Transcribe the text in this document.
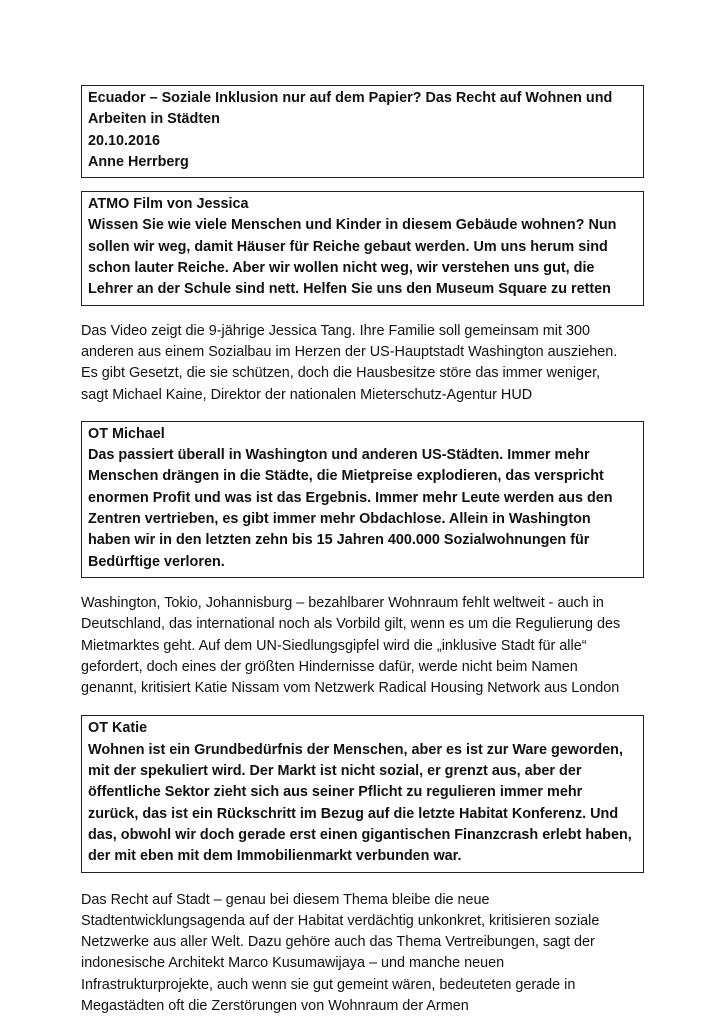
Ecuador – Soziale Inklusion nur auf dem Papier? Das Recht auf Wohnen und
Arbeiten in Städten
20.10.2016
Anne Herrberg
ATMO Film von Jessica
Wissen Sie wie viele Menschen und Kinder in diesem Gebäude wohnen? Nun
sollen wir weg, damit Häuser für Reiche gebaut werden. Um uns herum sind
schon lauter Reiche. Aber wir wollen nicht weg, wir verstehen uns gut, die
Lehrer an der Schule sind nett. Helfen Sie uns den Museum Square zu retten
Das Video zeigt die 9-jährige Jessica Tang. Ihre Familie soll gemeinsam mit 300
anderen aus einem Sozialbau im Herzen der US-Hauptstadt Washington ausziehen.
Es gibt Gesetzt, die sie schützen, doch die Hausbesitze störe das immer weniger,
sagt Michael Kaine, Direktor der nationalen Mieterschutz-Agentur HUD
OT Michael
Das passiert überall in Washington und anderen US-Städten. Immer mehr
Menschen drängen in die Städte, die Mietpreise explodieren, das verspricht
enormen Profit und was ist das Ergebnis. Immer mehr Leute werden aus den
Zentren vertrieben, es gibt immer mehr Obdachlose. Allein in Washington
haben wir in den letzten zehn bis 15 Jahren 400.000 Sozialwohnungen für
Bedürftige verloren.
Washington, Tokio, Johannisburg – bezahlbarer Wohnraum fehlt weltweit - auch in
Deutschland, das international noch als Vorbild gilt, wenn es um die Regulierung des
Mietmarktes geht. Auf dem UN-Siedlungsgipfel wird die „inklusive Stadt für alle“
gefordert, doch eines der größten Hindernisse dafür, werde nicht beim Namen
genannt, kritisiert Katie Nissam vom Netzwerk Radical Housing Network aus London
OT Katie
Wohnen ist ein Grundbedürfnis der Menschen, aber es ist zur Ware geworden,
mit der spekuliert wird. Der Markt ist nicht sozial, er grenzt aus, aber der
öffentliche Sektor zieht sich aus seiner Pflicht zu regulieren immer mehr
zurück, das ist ein Rückschritt im Bezug auf die letzte Habitat Konferenz. Und
das, obwohl wir doch gerade erst einen gigantischen Finanzcrash erlebt haben,
der mit eben mit dem Immobilienmarkt verbunden war.
Das Recht auf Stadt – genau bei diesem Thema bleibe die neue
Stadtentwicklungsagenda auf der Habitat verdächtig unkonkret, kritisieren soziale
Netzwerke aus aller Welt. Dazu gehöre auch das Thema Vertreibungen, sagt der
indonesische Architekt Marco Kusumawijaya – und manche neuen
Infrastrukturprojekte, auch wenn sie gut gemeint wären, bedeuteten gerade in
Megastädten oft die Zerstörungen von Wohnraum der Armen
